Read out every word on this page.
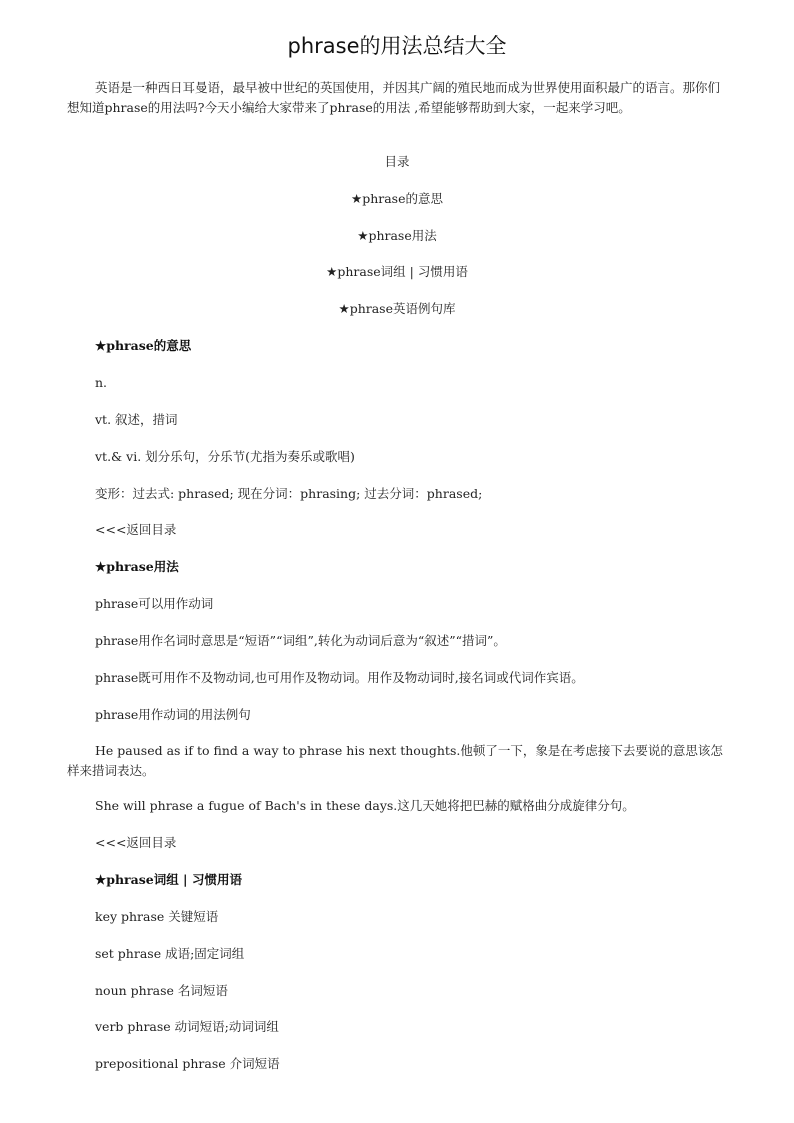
phrase的用法总结大全

英语是一种西日耳曼语，最早被中世纪的英国使用，并因其广阔的殖民地而成为世界使用面积最广的语言。那你们想知道phrase的用法吗?今天小编给大家带来了phrase的用法 ,希望能够帮助到大家，一起来学习吧。

目录
★phrase的意思
★phrase用法
★phrase词组 | 习惯用语
★phrase英语例句库
★phrase的意思
n.
vt. 叙述，措词
vt.& vi. 划分乐句，分乐节(尤指为奏乐或歌唱)
变形：过去式: phrased; 现在分词：phrasing; 过去分词：phrased;
<<<返回目录
★phrase用法
phrase可以用作动词
phrase用作名词时意思是“短语”“词组”,转化为动词后意为“叙述”“措词”。
phrase既可用作不及物动词,也可用作及物动词。用作及物动词时,接名词或代词作宾语。
phrase用作动词的用法例句

He paused as if to find a way to phrase his next thoughts.他顿了一下，象是在考虑接下去要说的意思该怎样来措词表达。

She will phrase a fugue of Bach's in these days.这几天她将把巴赫的赋格曲分成旋律分句。
<<<返回目录
★phrase词组 | 习惯用语
key phrase 关键短语
set phrase 成语;固定词组
noun phrase 名词短语
verb phrase 动词短语;动词词组
prepositional phrase 介词短语
